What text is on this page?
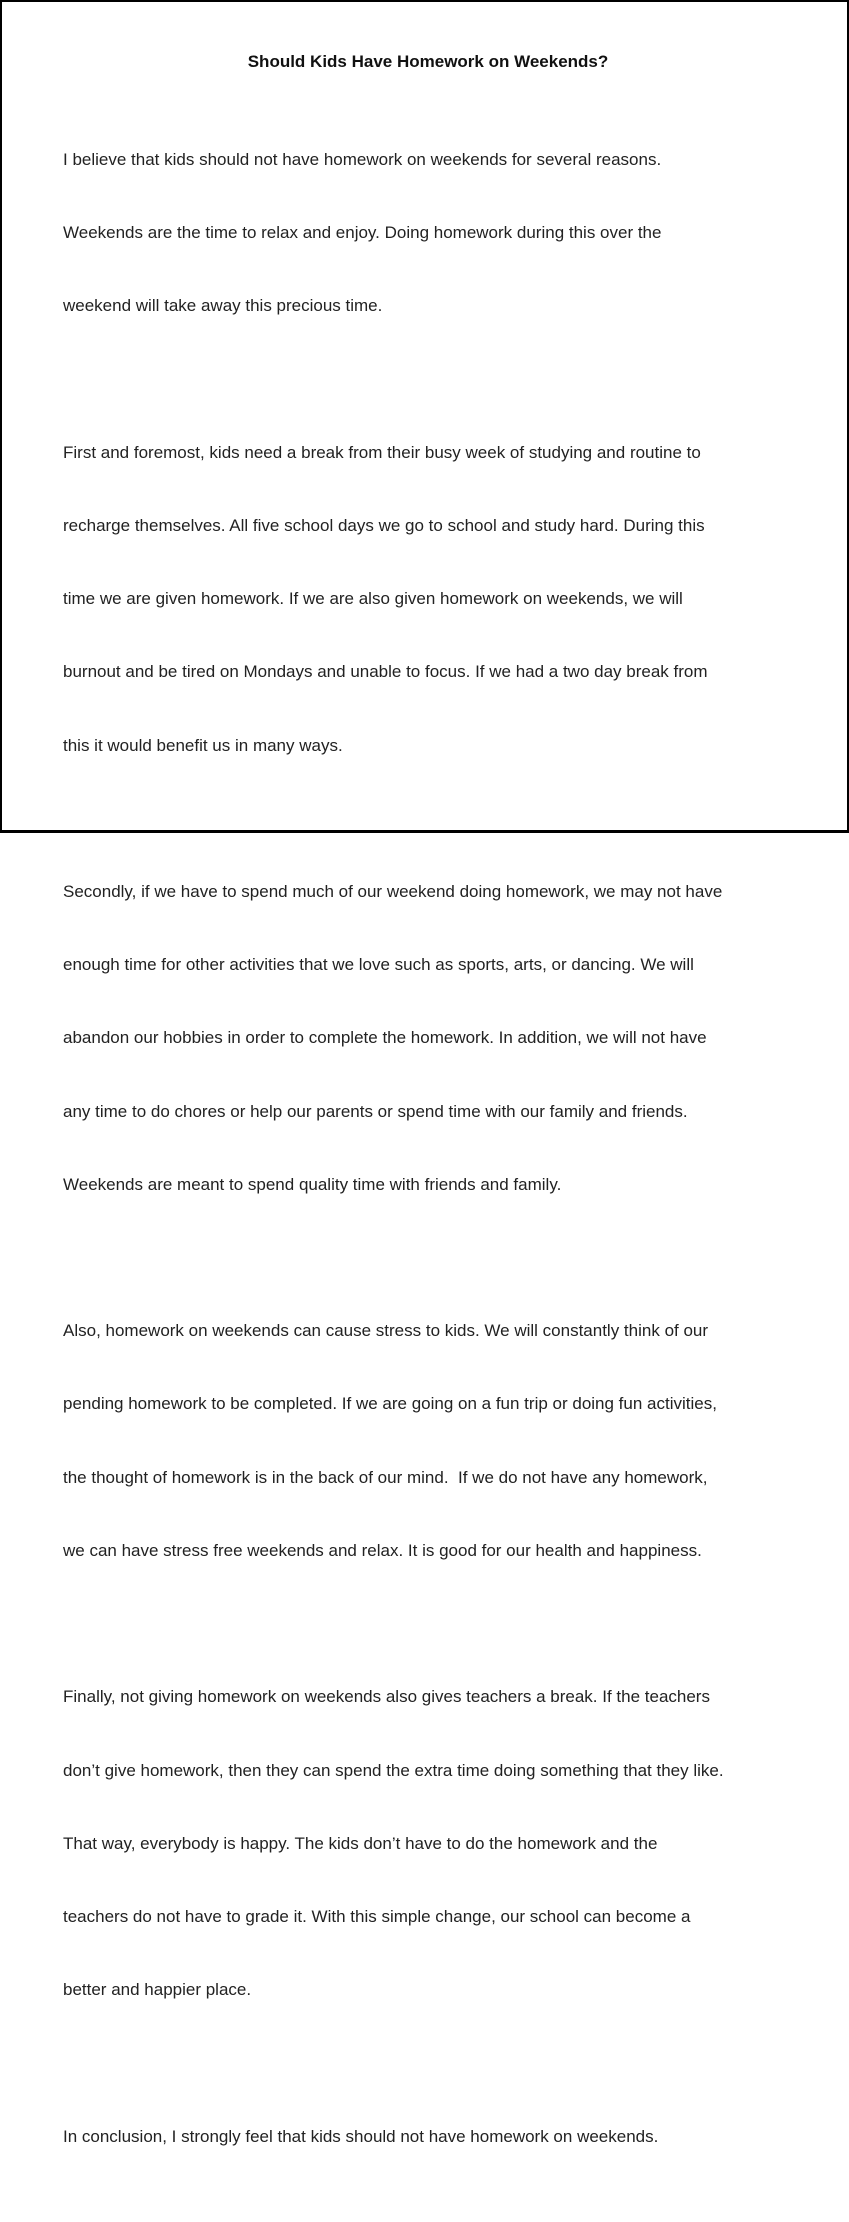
Should Kids Have Homework on Weekends?

I believe that kids should not have homework on weekends for several reasons.

Weekends are the time to relax and enjoy. Doing homework during this over the

weekend will take away this precious time.

First and foremost, kids need a break from their busy week of studying and routine to

recharge themselves. All five school days we go to school and study hard. During this

time we are given homework. If we are also given homework on weekends, we will

burnout and be tired on Mondays and unable to focus. If we had a two day break from

this it would benefit us in many ways.

Secondly, if we have to spend much of our weekend doing homework, we may not have

enough time for other activities that we love such as sports, arts, or dancing. We will

abandon our hobbies in order to complete the homework. In addition, we will not have

any time to do chores or help our parents or spend time with our family and friends.

Weekends are meant to spend quality time with friends and family.

Also, homework on weekends can cause stress to kids. We will constantly think of our

pending homework to be completed. If we are going on a fun trip or doing fun activities,

the thought of homework is in the back of our mind.  If we do not have any homework,

we can have stress free weekends and relax. It is good for our health and happiness.

Finally, not giving homework on weekends also gives teachers a break. If the teachers

don’t give homework, then they can spend the extra time doing something that they like.

That way, everybody is happy. The kids don’t have to do the homework and the

teachers do not have to grade it. With this simple change, our school can become a

better and happier place.

In conclusion, I strongly feel that kids should not have homework on weekends.
